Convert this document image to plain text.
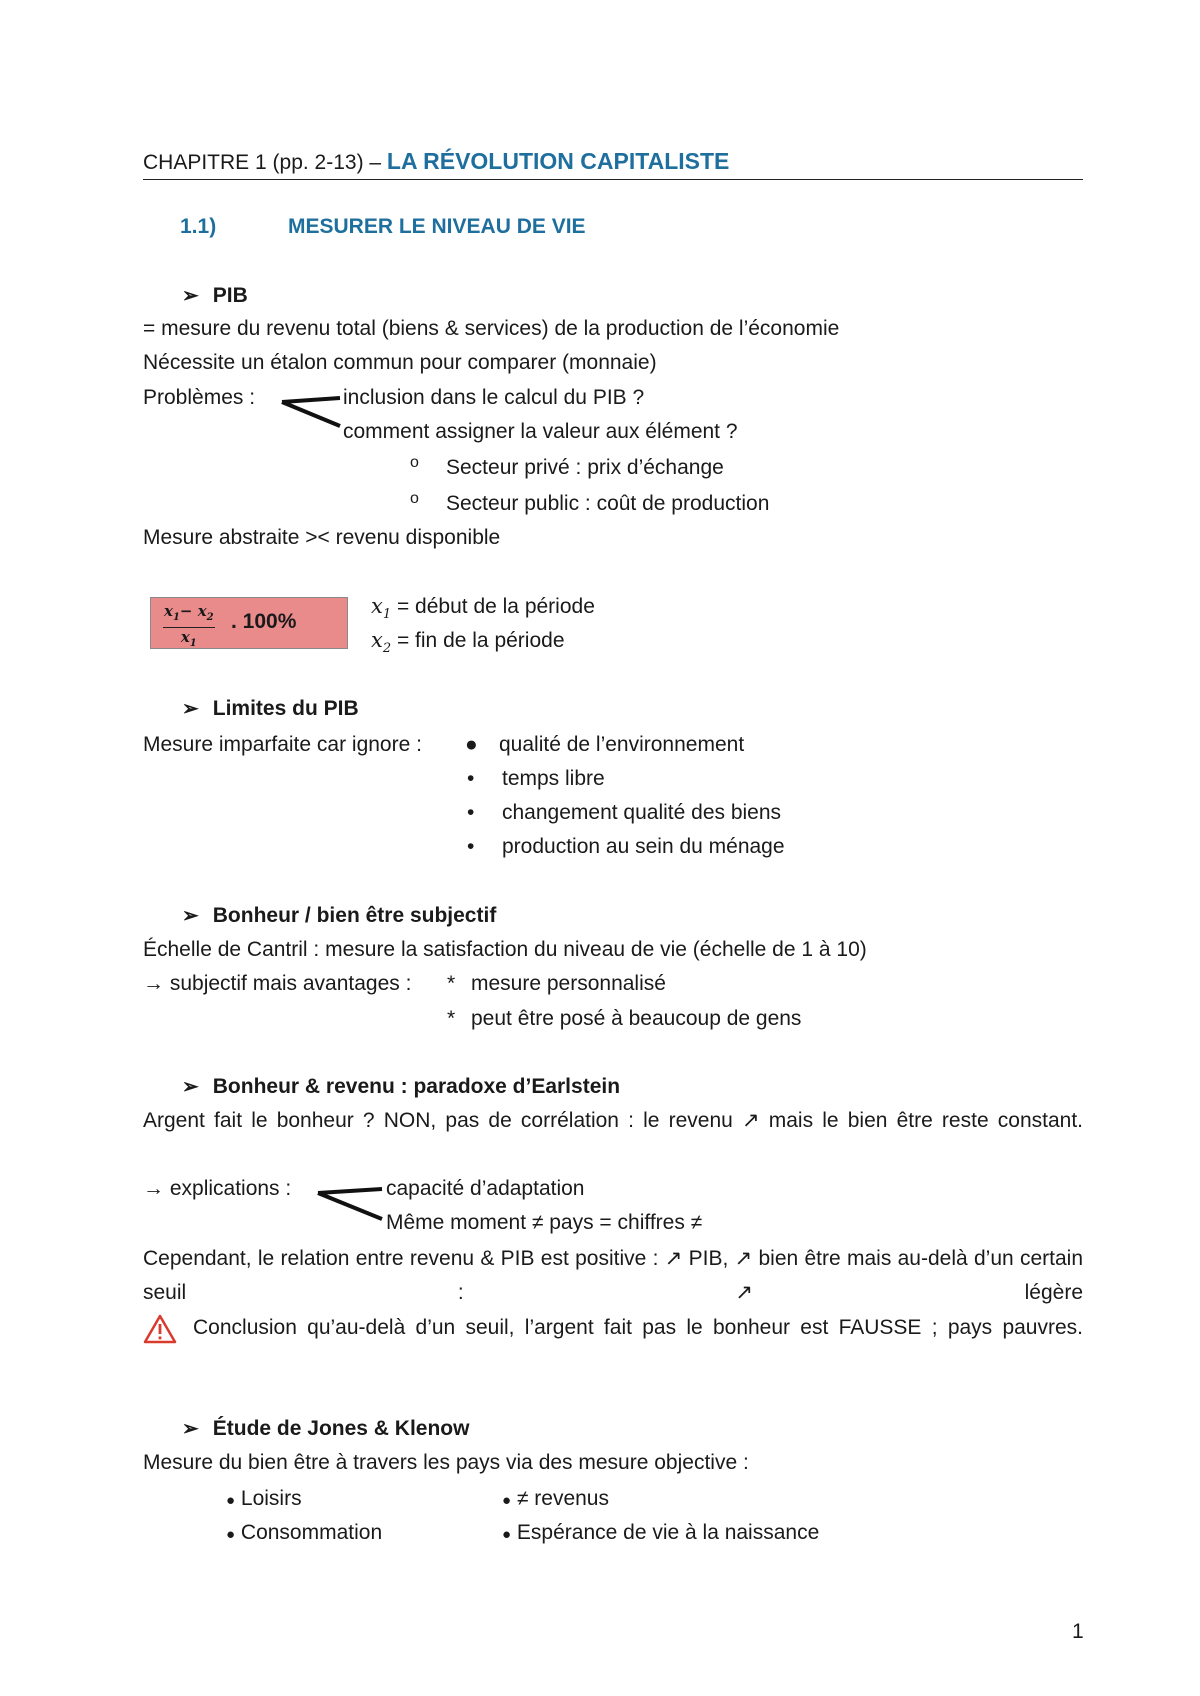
CHAPITRE 1 (pp. 2-13) – LA RÉVOLUTION CAPITALISTE
1.1)	MESURER LE NIVEAU DE VIE
➢ PIB
= mesure du revenu total (biens & services) de la production de l’économie
Nécessite un étalon commun pour comparer (monnaie)
Problèmes :	inclusion dans le calcul du PIB ?
comment assigner la valeur aux élément ?
o Secteur privé : prix d’échange
o Secteur public : coût de production
Mesure abstraite >< revenu disponible
$\frac{x_1- x_2}{x_1}$ . 100%
$x_1$ = début de la période
$x_2$ = fin de la période
➢ Limites du PIB
Mesure imparfaite car ignore : ● qualité de l’environnement
• temps libre
• changement qualité des biens
• production au sein du ménage
➢ Bonheur / bien être subjectif
Échelle de Cantril : mesure la satisfaction du niveau de vie (échelle de 1 à 10)
→ subjectif mais avantages : * mesure personnalisé
* peut être posé à beaucoup de gens
➢ Bonheur & revenu : paradoxe d’Earlstein
Argent fait le bonheur ? NON, pas de corrélation : le revenu ↗ mais le bien être reste constant.
→ explications :	capacité d’adaptation
Même moment ≠ pays = chiffres ≠
Cependant, le relation entre revenu & PIB est positive : ↗ PIB, ↗ bien être mais au-delà d’un certain seuil : ↗ légère
Conclusion qu’au-delà d’un seuil, l’argent fait pas le bonheur est FAUSSE ; pays pauvres.
➢ Étude de Jones & Klenow
Mesure du bien être à travers les pays via des mesure objective :
● Loisirs
● Consommation
● ≠ revenus
● Espérance de vie à la naissance
1
